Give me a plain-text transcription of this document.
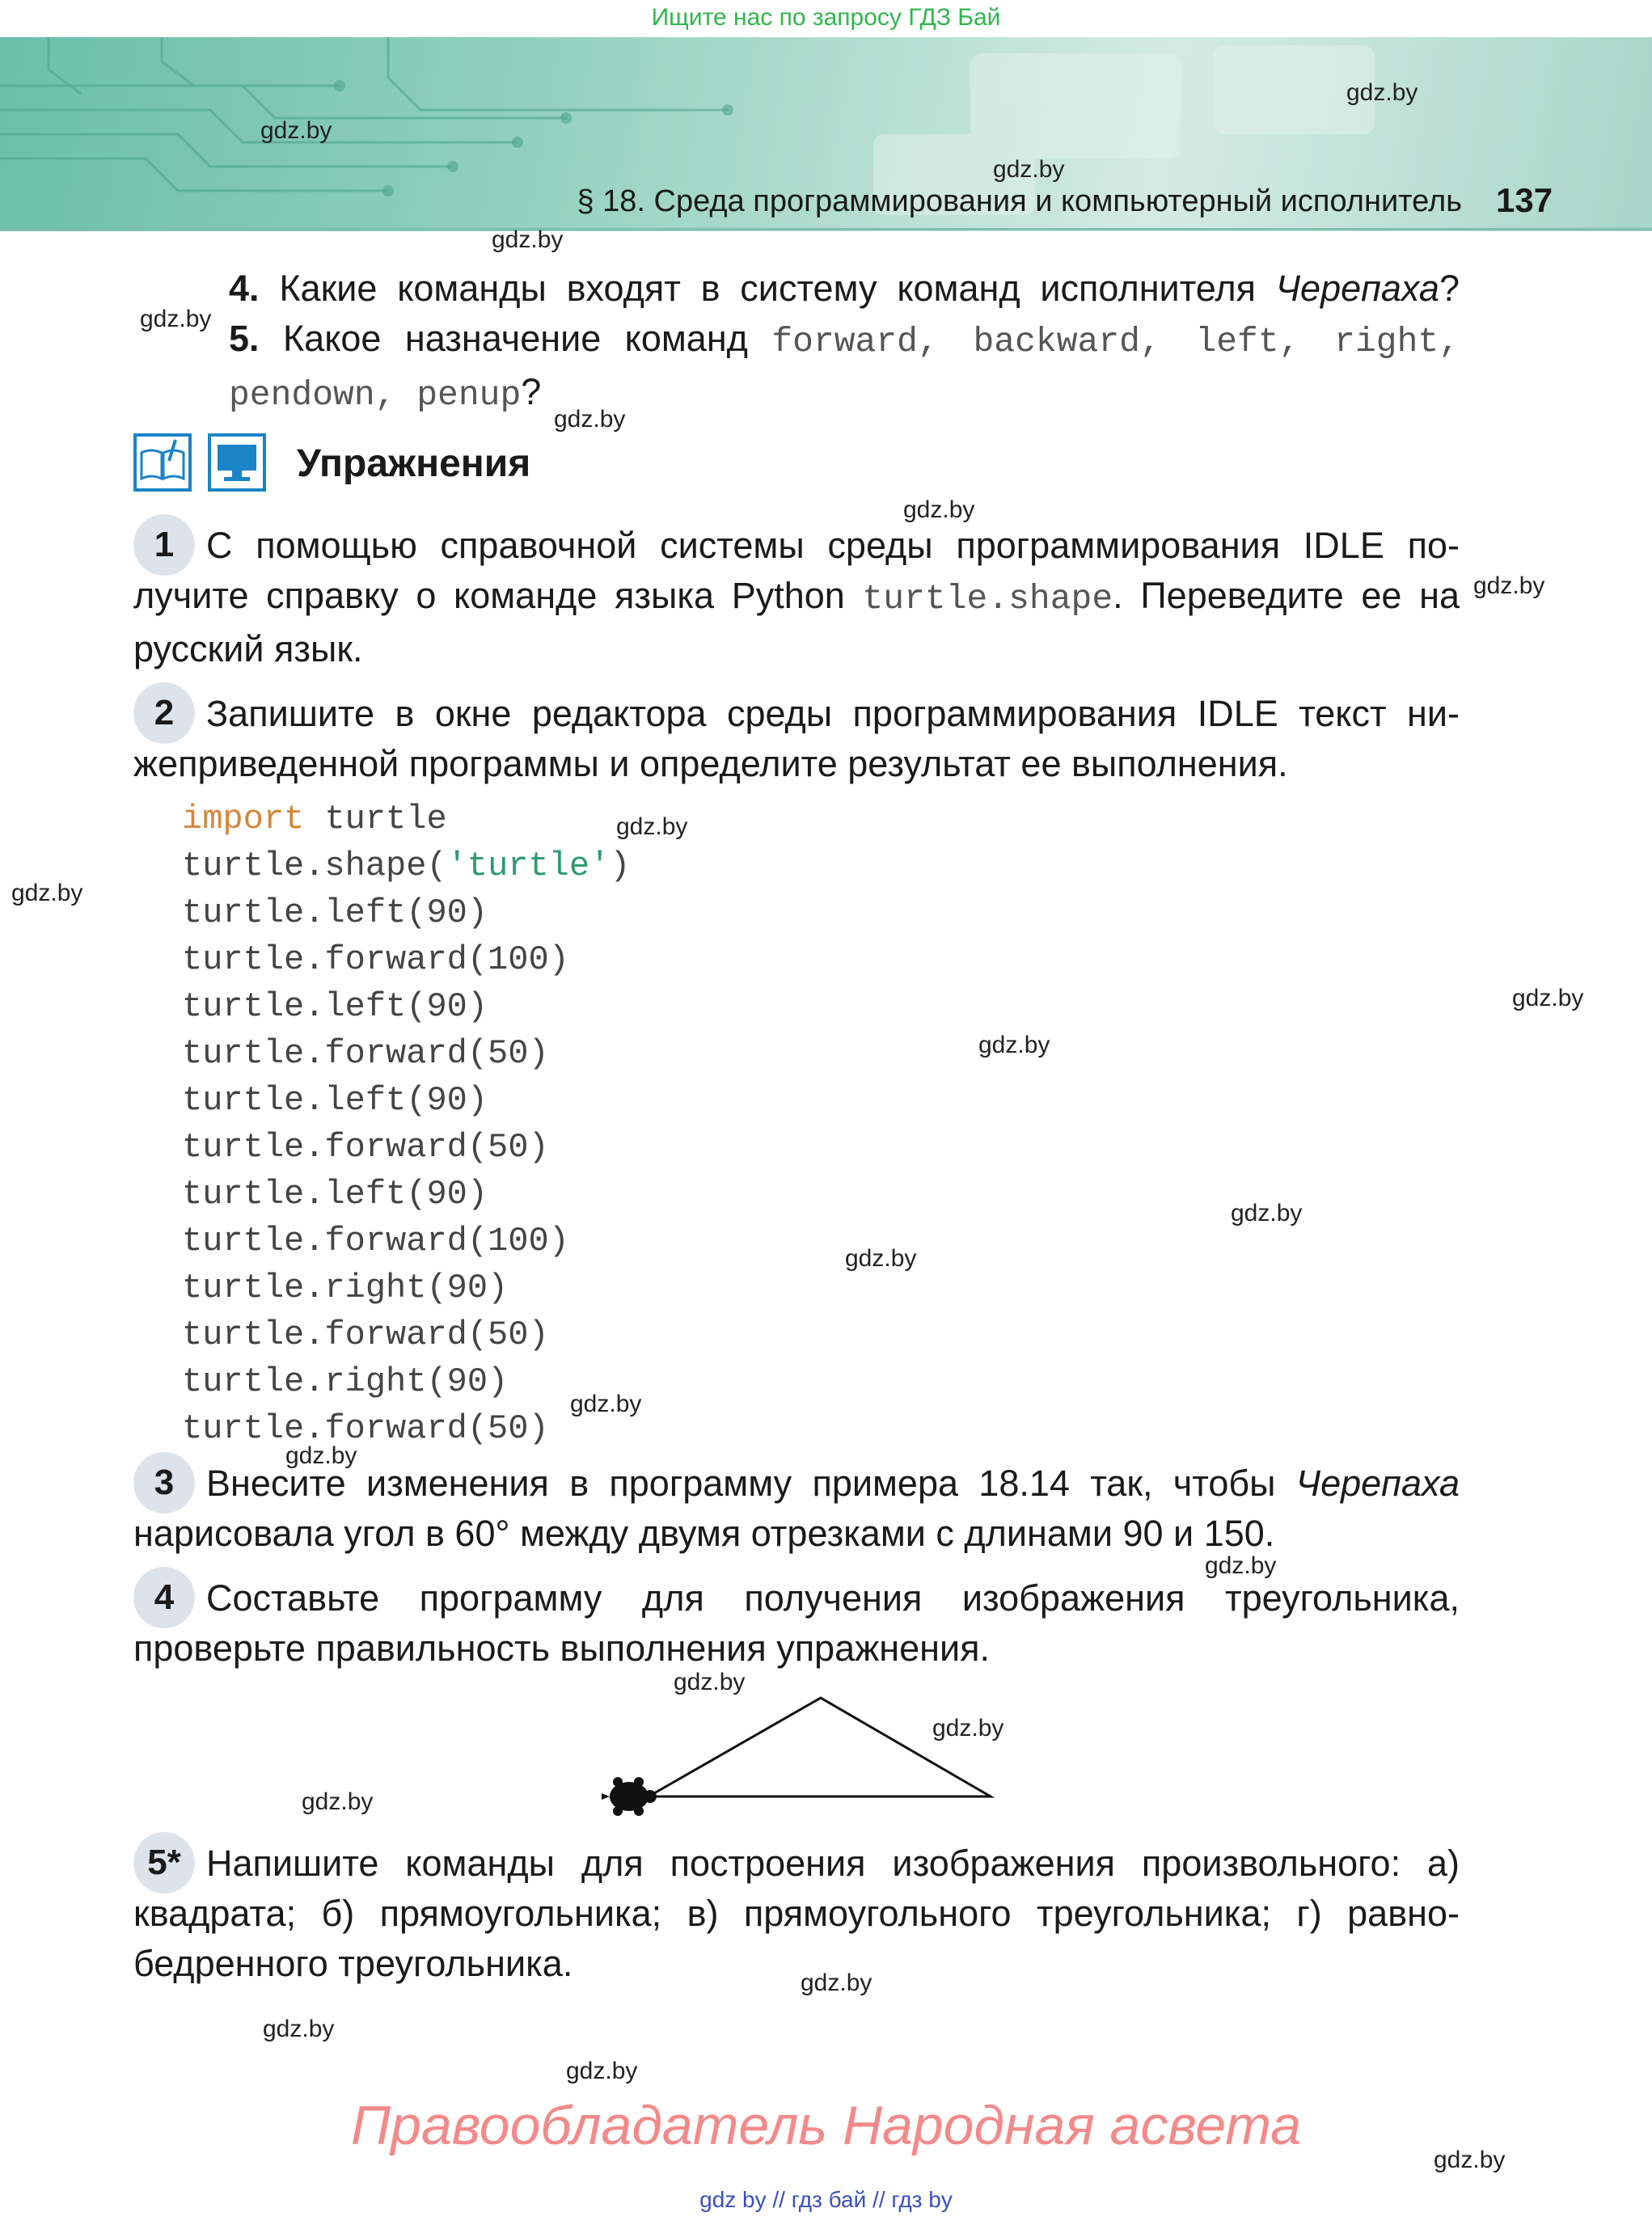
Ищите нас по запросу ГДЗ Бай
§ 18. Среда программирования и компьютерный исполнитель 137
4. Какие команды входят в систему команд исполнителя Черепаха?
5. Какое назначение команд forward, backward, left, right, pendown, penup?
Упражнения
1 С помощью справочной системы среды программирования IDLE получите справку о команде языка Python turtle.shape. Переведите ее на русский язык.
2 Запишите в окне редактора среды программирования IDLE текст нижеприведенной программы и определите результат ее выполнения.
import turtle
turtle.shape('turtle')
turtle.left(90)
turtle.forward(100)
turtle.left(90)
turtle.forward(50)
turtle.left(90)
turtle.forward(50)
turtle.left(90)
turtle.forward(100)
turtle.right(90)
turtle.forward(50)
turtle.right(90)
turtle.forward(50)
3 Внесите изменения в программу примера 18.14 так, чтобы Черепаха нарисовала угол в 60° между двумя отрезками с длинами 90 и 150.
4 Составьте программу для получения изображения треугольника, проверьте правильность выполнения упражнения.
5* Напишите команды для построения изображения произвольного: а) квадрата; б) прямоугольника; в) прямоугольного треугольника; г) равнобедренного треугольника.
Правообладатель Народная асвета
gdz by // гдз бай // гдз by
gdz.by
gdz.by
gdz.by
gdz.by
gdz.by
gdz.by
gdz.by
gdz.by
gdz.by
gdz.by
gdz.by
gdz.by
gdz.by
gdz.by
gdz.by
gdz.by
gdz.by
gdz.by
gdz.by
gdz.by
gdz.by
gdz.by
gdz.by
gdz.by
